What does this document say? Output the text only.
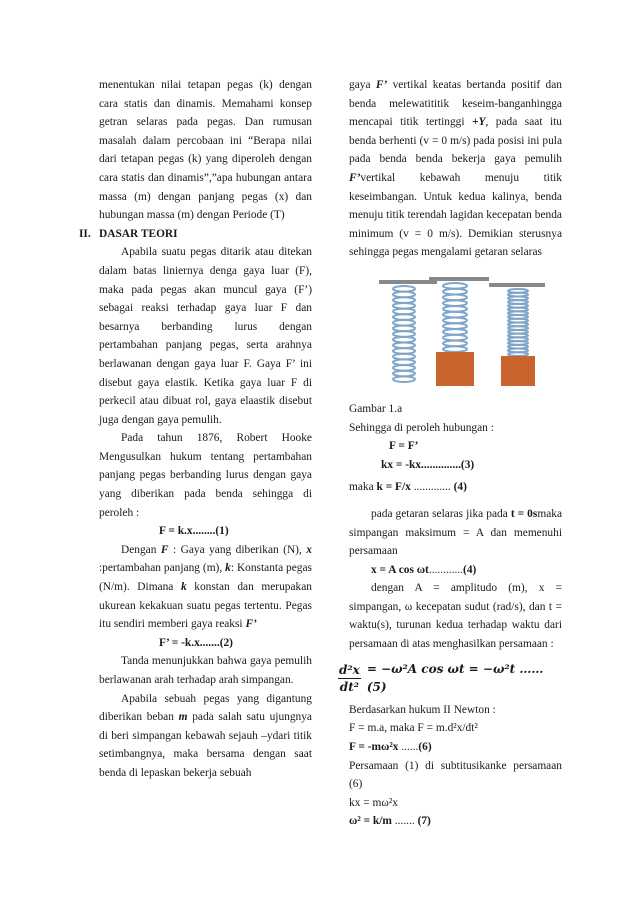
menentukan nilai tetapan pegas (k) dengan cara statis dan dinamis. Memahami konsep getran selaras pada pegas. Dan rumusan masalah dalam percobaan ini “Berapa nilai dari tetapan pegas (k) yang diperoleh dengan cara statis dan dinamis”,”apa hubungan antara massa (m) dengan panjang pegas (x) dan hubungan massa (m) dengan Periode (T)

II. DASAR TEORI

Apabila suatu pegas ditarik atau ditekan dalam batas liniernya denga gaya luar (F), maka pada pegas akan muncul gaya (F’) sebagai reaksi terhadap gaya luar F dan besarnya berbanding lurus dengan pertambahan panjang pegas, serta arahnya berlawanan dengan gaya luar F. Gaya F’ ini disebut gaya elastik. Ketika gaya luar F di perkecil atau dibuat rol, gaya elaastik disebut juga dengan gaya pemulih.

Pada tahun 1876, Robert Hooke Mengusulkan hukum tentang pertambahan panjang pegas berbanding lurus dengan gaya yang diberikan pada benda sehingga di peroleh :

F = k.x........(1)

Dengan F : Gaya yang diberikan (N), x :pertambahan panjang (m), k: Konstanta pegas (N/m). Dimana k konstan dan merupakan ukurean kekakuan suatu pegas tertentu. Pegas itu sendiri memberi gaya reaksi F’

F’ = -k.x.......(2)

Tanda menunjukkan bahwa gaya pemulih berlawanan arah terhadap arah simpangan.

Apabila sebuah pegas yang digantung diberikan beban m pada salah satu ujungnya di beri simpangan kebawah sejauh –ydari titik setimbangnya, maka bersama dengan saat benda di lepaskan bekerja sebuah

gaya F’ vertikal keatas bertanda positif dan benda melewatititik keseim-banganhingga mencapai titik tertinggi +Y, pada saat itu benda berhenti (v = 0 m/s) pada posisi ini pula pada benda benda bekerja gaya pemulih F’vertikal kebawah menuju titik keseimbangan. Untuk kedua kalinya, benda menuju titik terendah lagidan kecepatan benda minimum (v = 0 m/s). Demikian sterusnya sehingga pegas mengalami getaran selaras

Gambar 1.a
Sehingga di peroleh hubungan :
F = F’
kx = -kx..............(3)
maka k = F/x ............. (4)

pada getaran selaras jika pada t = 0smaka simpangan maksimum = A dan memenuhi persamaan

x = A cos ωt............(4)

dengan A = amplitudo (m), x = simpangan, ω kecepatan sudut (rad/s), dan t = waktu(s), turunan kedua terhadap waktu dari persamaan di atas menghasilkan persamaan :

$\frac{\text{d²x}}{\text{dt²}} = -\omega^2A$ cos ωt = −ω²t …… (5)
Berdasarkan hukum II Newton :
F = m.a, maka F = m.d²x/dt²
F = -mω²x ......(6)

Persamaan (1) di subtitusikanke persamaan (6)

kx = mω²x
ω² = k/m ....... (7)
